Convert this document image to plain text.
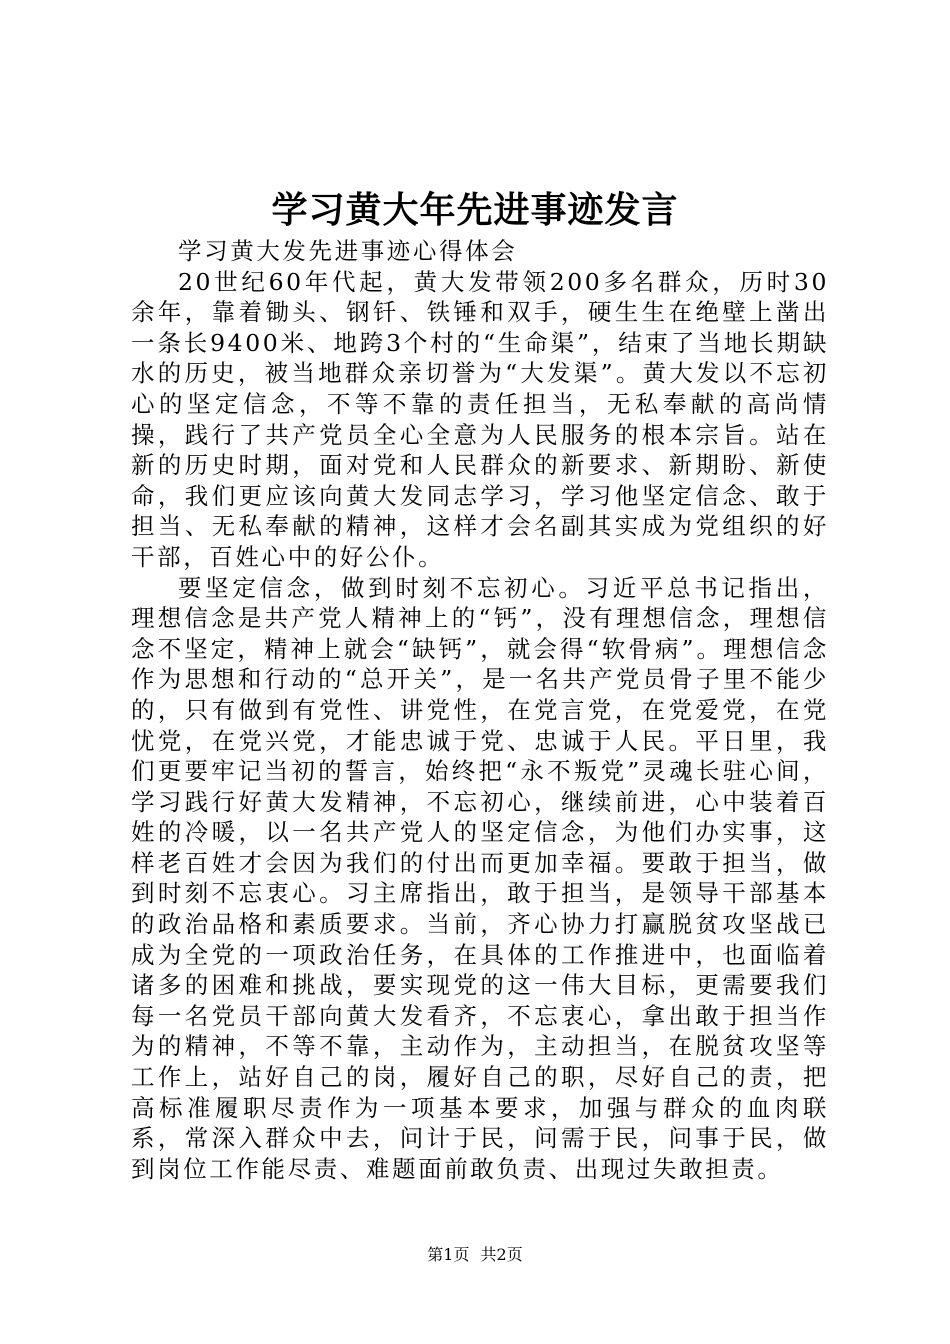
学习黄大年先进事迹发言

学习黄大发先进事迹心得体会

20世纪60年代起，黄大发带领200多名群众，历时30余年，靠着锄头、钢钎、铁锤和双手，硬生生在绝壁上凿出一条长9400米、地跨3个村的“生命渠”，结束了当地长期缺水的历史，被当地群众亲切誉为“大发渠”。黄大发以不忘初心的坚定信念，不等不靠的责任担当，无私奉献的高尚情操，践行了共产党员全心全意为人民服务的根本宗旨。站在新的历史时期，面对党和人民群众的新要求、新期盼、新使命，我们更应该向黄大发同志学习，学习他坚定信念、敢于担当、无私奉献的精神，这样才会名副其实成为党组织的好干部，百姓心中的好公仆。

要坚定信念，做到时刻不忘初心。习近平总书记指出，理想信念是共产党人精神上的“钙”，没有理想信念，理想信念不坚定，精神上就会“缺钙”，就会得“软骨病”。理想信念作为思想和行动的“总开关”，是一名共产党员骨子里不能少的，只有做到有党性、讲党性，在党言党，在党爱党，在党忧党，在党兴党，才能忠诚于党、忠诚于人民。平日里，我们更要牢记当初的誓言，始终把“永不叛党”灵魂长驻心间，学习践行好黄大发精神，不忘初心，继续前进，心中装着百姓的冷暖，以一名共产党人的坚定信念，为他们办实事，这样老百姓才会因为我们的付出而更加幸福。要敢于担当，做到时刻不忘衷心。习主席指出，敢于担当，是领导干部基本的政治品格和素质要求。当前，齐心协力打赢脱贫攻坚战已成为全党的一项政治任务，在具体的工作推进中，也面临着诸多的困难和挑战，要实现党的这一伟大目标，更需要我们每一名党员干部向黄大发看齐，不忘衷心，拿出敢于担当作为的精神，不等不靠，主动作为，主动担当，在脱贫攻坚等工作上，站好自己的岗，履好自己的职，尽好自己的责，把高标准履职尽责作为一项基本要求，加强与群众的血肉联系，常深入群众中去，问计于民，问需于民，问事于民，做到岗位工作能尽责、难题面前敢负责、出现过失敢担责。

第1页 共2页
